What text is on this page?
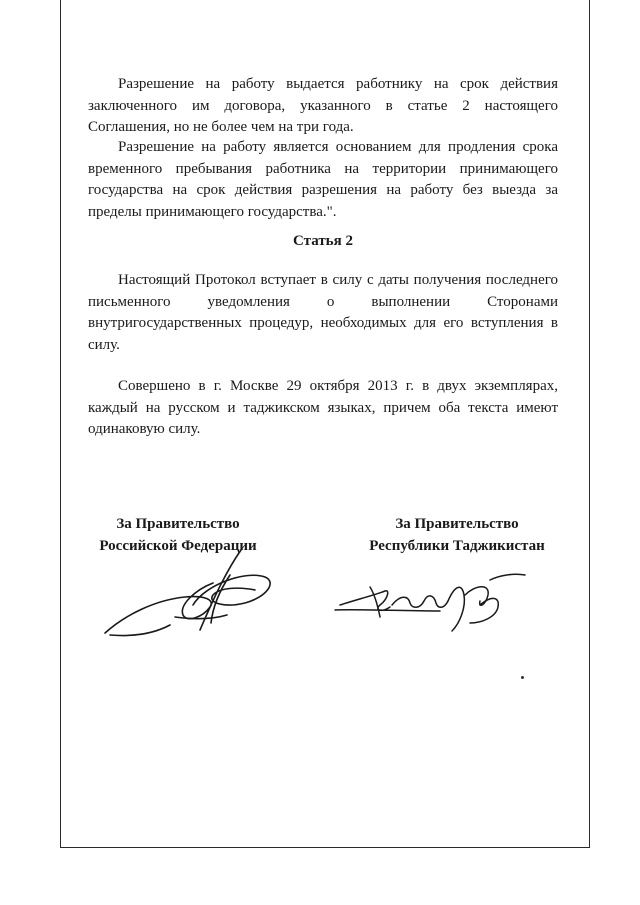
Разрешение на работу выдается работнику на срок действия заключенного им договора, указанного в статье 2 настоящего Соглашения, но не более чем на три года.

Разрешение на работу является основанием для продления срока временного пребывания работника на территории принимающего государства на срок действия разрешения на работу без выезда за пределы принимающего государства.".

Статья 2

Настоящий Протокол вступает в силу с даты получения последнего письменного уведомления о выполнении Сторонами внутригосударственных процедур, необходимых для его вступления в силу.

Совершено в г. Москве 29 октября 2013 г. в двух экземплярах, каждый на русском и таджикском языках, причем оба текста имеют одинаковую силу.

За Правительство
Российской Федерации
За Правительство
Республики Таджикистан
